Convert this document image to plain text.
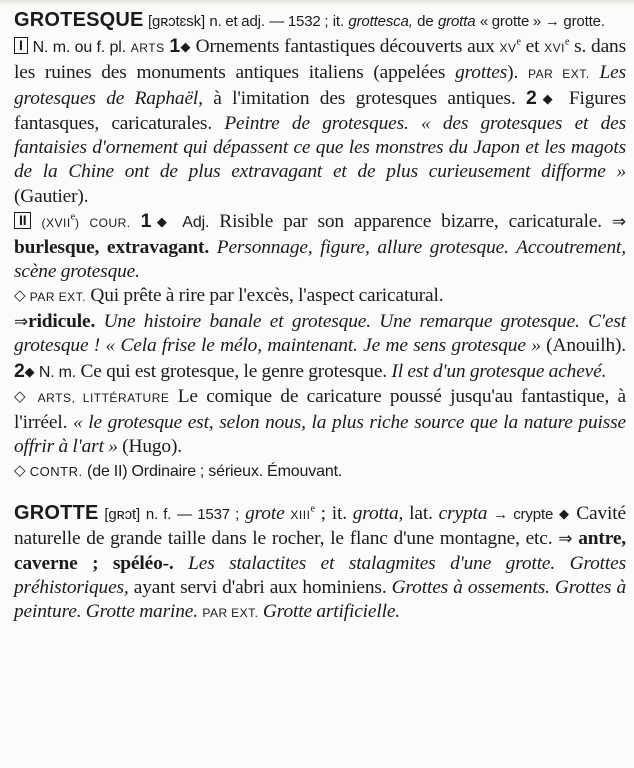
GROTESQUE [gʀɔtɛsk] n. et adj. — 1532 ; it. grottesca, de grotta « grotte » → grotte.
I N. m. ou f. pl. ARTS 1◆ Ornements fantastiques découverts aux XVe et XVIe s. dans les ruines des monuments antiques italiens (appelées grottes). PAR EXT. Les grotesques de Raphaël, à l'imitation des grotesques antiques. 2◆ Figures fantasques, caricaturales. Peintre de grotesques. « des grotesques et des fantaisies d'ornement qui dépassent ce que les monstres du Japon et les magots de la Chine ont de plus extravagant et de plus curieusement difforme » (Gautier).
II (XVIIe) COUR. 1◆ Adj. Risible par son apparence bizarre, caricaturale. ⇒ burlesque, extravagant. Personnage, figure, allure grotesque. Accoutrement, scène grotesque.
◇ PAR EXT. Qui prête à rire par l'excès, l'aspect caricatural.
⇒ridicule. Une histoire banale et grotesque. Une remarque grotesque. C'est grotesque ! « Cela frise le mélo, maintenant. Je me sens grotesque » (Anouilh). 2◆ N. m. Ce qui est grotesque, le genre grotesque. Il est d'un grotesque achevé.
◇ ARTS, LITTÉRATURE Le comique de caricature poussé jusqu'au fantastique, à l'irréel. « le grotesque est, selon nous, la plus riche source que la nature puisse offrir à l'art » (Hugo).
◇ CONTR. (de II) Ordinaire ; sérieux. Émouvant.

GROTTE [gʀɔt] n. f. — 1537 ; grote XIIIe ; it. grotta, lat. crypta → crypte ◆ Cavité naturelle de grande taille dans le rocher, le flanc d'une montagne, etc. ⇒ antre, caverne ; spéléo-. Les stalactites et stalagmites d'une grotte. Grottes préhistoriques, ayant servi d'abri aux hominiens. Grottes à ossements. Grottes à peinture. Grotte marine. PAR EXT. Grotte artificielle.
